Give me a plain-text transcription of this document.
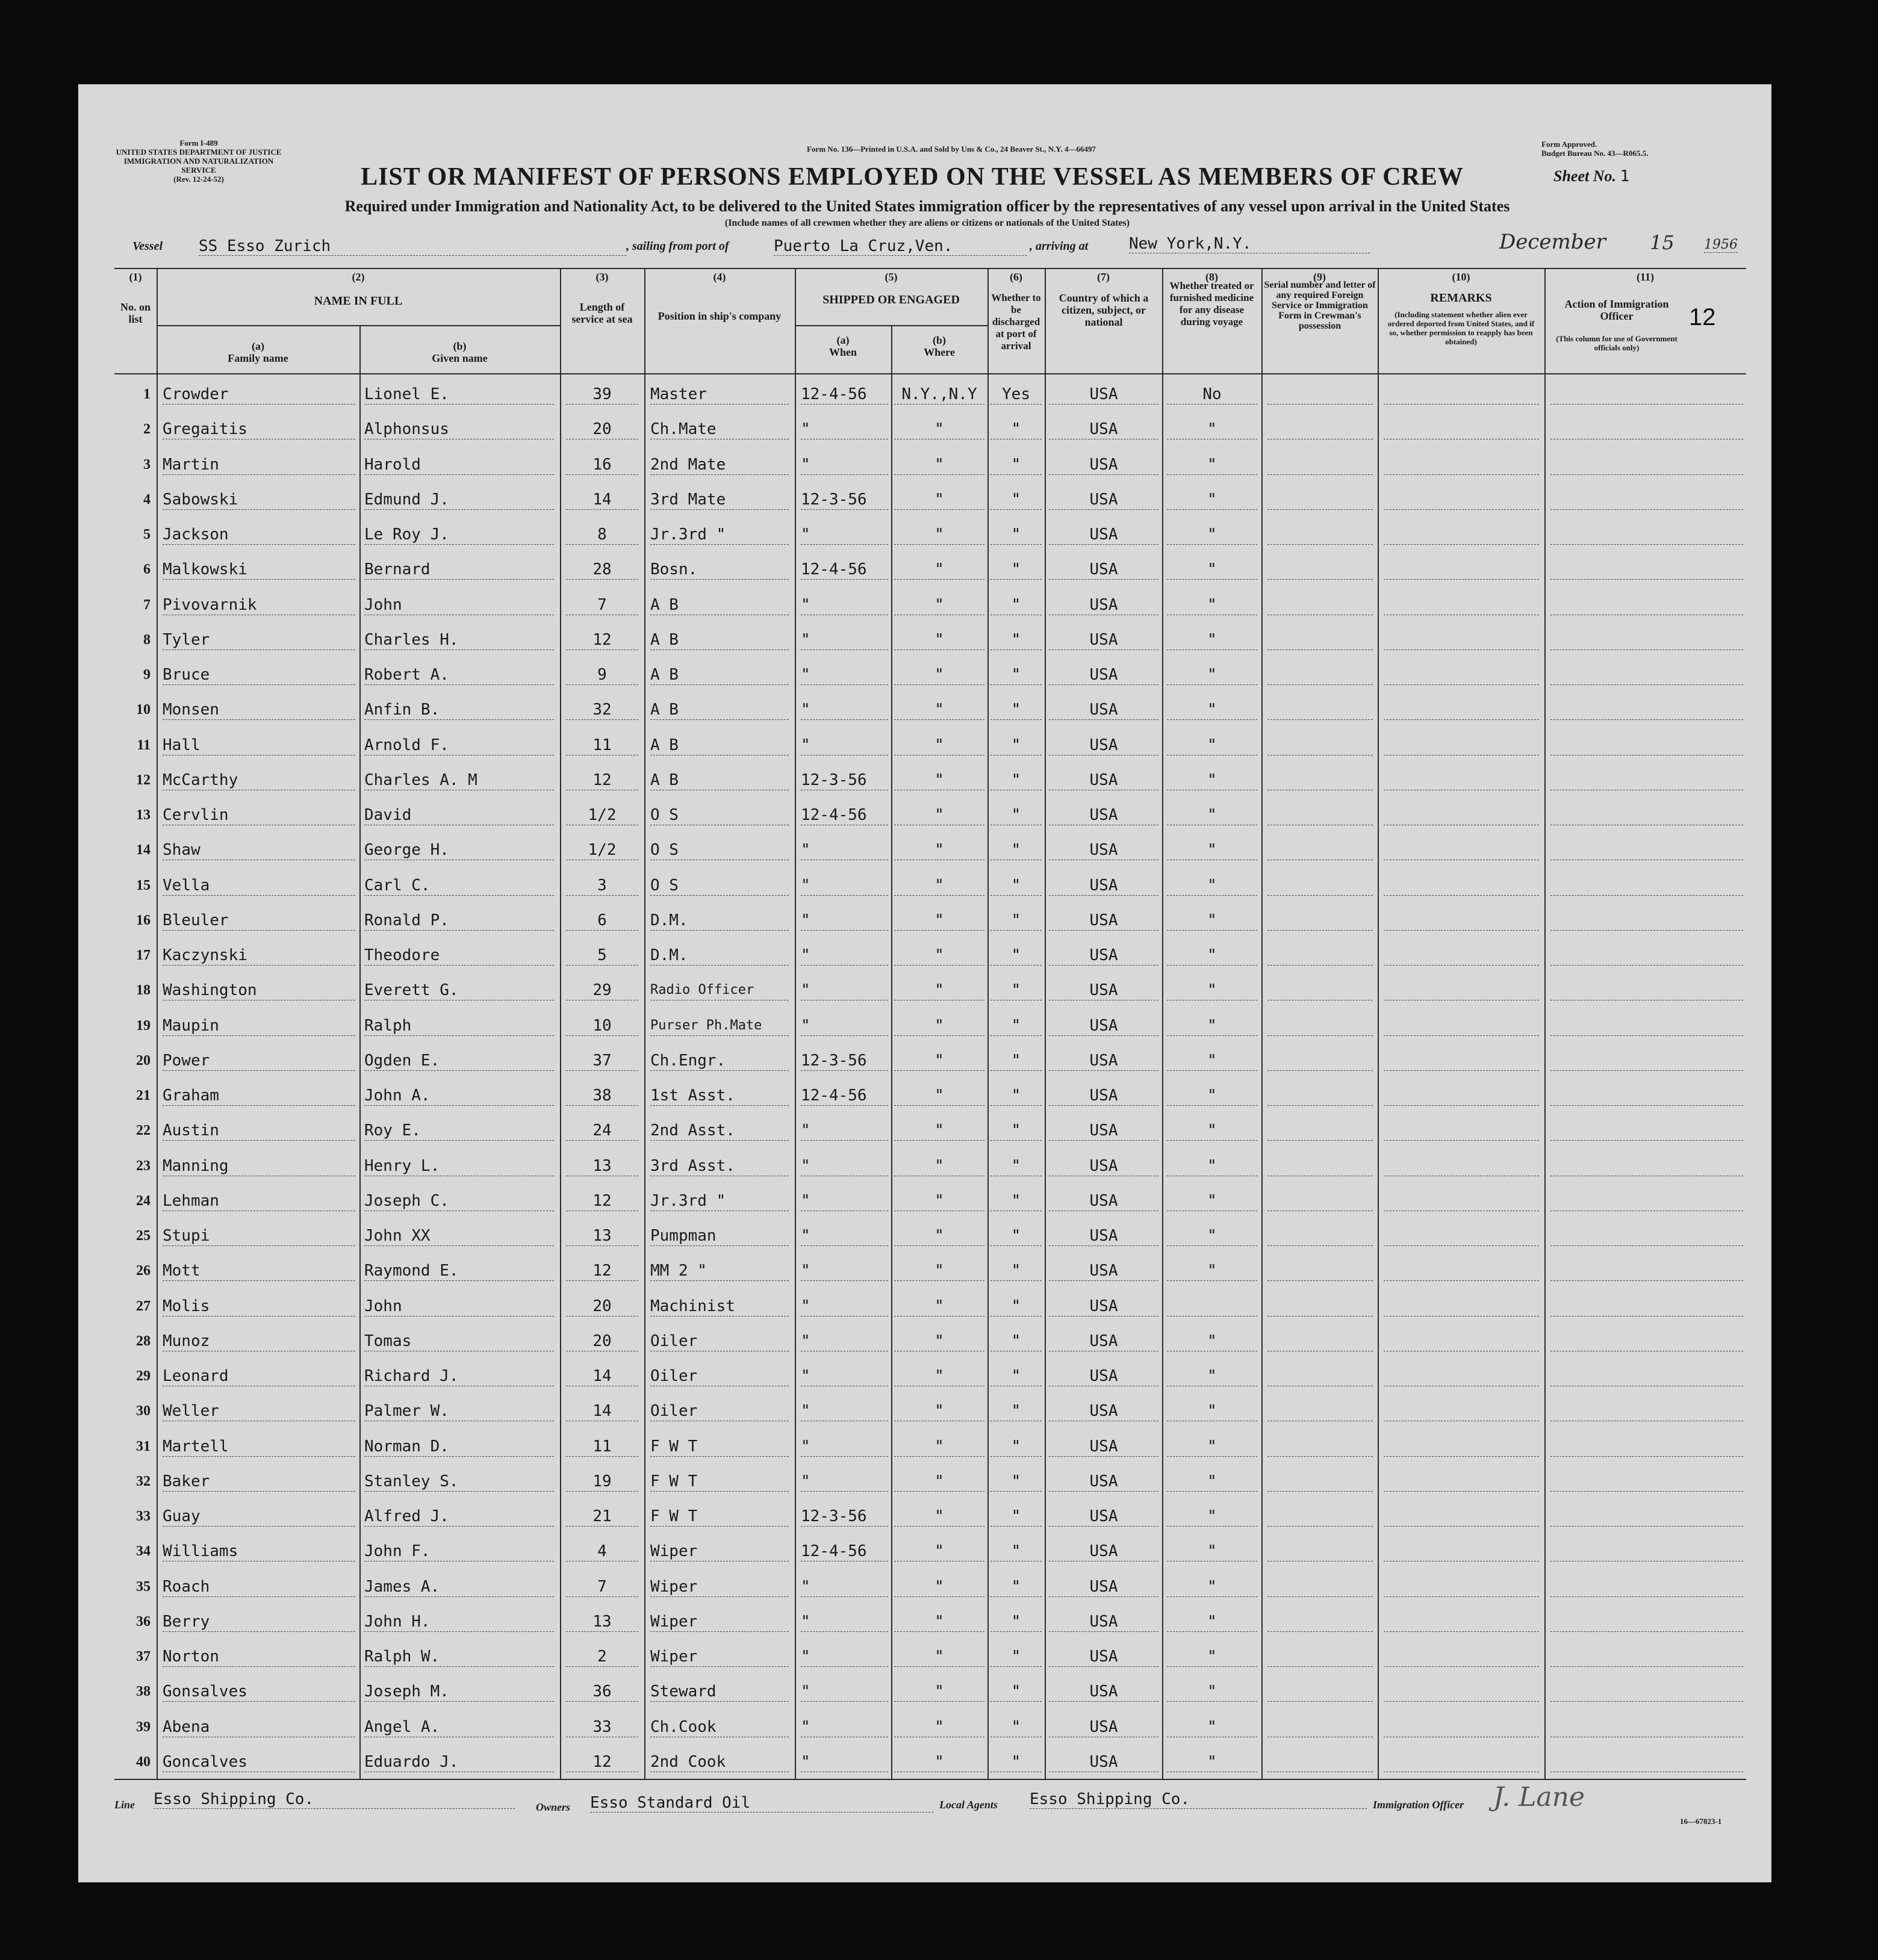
Form I-489
UNITED STATES DEPARTMENT OF JUSTICE
IMMIGRATION AND NATURALIZATION SERVICE
(Rev. 12-24-52)
Form No. 136—Printed in U.S.A. and Sold by Uns & Co., 24 Beaver St., N.Y. 4—66497
Form Approved.
Budget Bureau No. 43—R065.5.
LIST OR MANIFEST OF PERSONS EMPLOYED ON THE VESSEL AS MEMBERS OF CREW	Sheet No. 1
Required under Immigration and Nationality Act, to be delivered to the United States immigration officer by the representatives of any vessel upon arrival in the United States
(Include names of all crewmen whether they are aliens or citizens or nationals of the United States)
Vessel SS Esso Zurich	, sailing from port of	Puerto La Cruz,Ven.	, arriving at	New York,N.Y.	December 15 1956
12
(1)	(2)	(3)	(4)	(5)	(6)	(7)	(8)	(9)	(10)	(11)
No. on list
NAME IN FULL
(a)
Family name
(b)
Given name
Length of service at sea	Position in ship's company
SHIPPED OR ENGAGED
(a)
When
(b)
Where
Whether to be discharged at port of arrival
Country of which a citizen, subject, or national
Whether treated or furnished medicine for any disease during voyage
Serial number and letter of any required Foreign Service or Immigration Form in Crewman's possession
REMARKS
(Including statement whether alien ever ordered deported from United States, and if so, whether permission to reapply has been obtained)
Action of Immigration Officer
(This column for use of Government officials only)
1 Crowder	Lionel E.	39	Master	12-4-56	N.Y.,N.Y	Yes	USA	No
2 Gregaitis	Alphonsus	20	Ch.Mate	"	"	"	USA	"
3 Martin	Harold	16	2nd Mate	"	"	"	USA	"
4 Sabowski	Edmund J.	14	3rd Mate	12-3-56	"	"	USA	"
5 Jackson	Le Roy J.	8	Jr.3rd "	"	"	"	USA	"
6 Malkowski	Bernard	28	Bosn.	12-4-56	"	"	USA	"
7 Pivovarnik	John	7	A B	"	"	"	USA	"
8 Tyler	Charles H.	12	A B	"	"	"	USA	"
9 Bruce	Robert A.	9	A B	"	"	"	USA	"
10 Monsen	Anfin B.	32	A B	"	"	"	USA	"
11 Hall	Arnold F.	11	A B	"	"	"	USA	"
12 McCarthy	Charles A. M	12	A B	12-3-56	"	"	USA	"
13 Cervlin	David	1/2	O S	12-4-56	"	"	USA	"
14 Shaw	George H.	1/2	O S	"	"	"	USA	"
15 Vella	Carl C.	3	O S	"	"	"	USA	"
16 Bleuler	Ronald P.	6	D.M.	"	"	"	USA	"
17 Kaczynski	Theodore	5	D.M.	"	"	"	USA	"
18 Washington	Everett G.	29	Radio Officer	"	"	"	USA	"
19 Maupin	Ralph	10	Purser Ph.Mate	"	"	"	USA	"
20 Power	Ogden E.	37	Ch.Engr.	12-3-56	"	"	USA	"
21 Graham	John A.	38	1st Asst.	12-4-56	"	"	USA	"
22 Austin	Roy E.	24	2nd Asst.	"	"	"	USA	"
23 Manning	Henry L.	13	3rd Asst.	"	"	"	USA	"
24 Lehman	Joseph C.	12	Jr.3rd "	"	"	"	USA	"
25 Stupi	John XX	13	Pumpman	"	"	"	USA	"
26 Mott	Raymond E.	12	MM 2 "	"	"	"	USA	"
27 Molis	John	20	Machinist	"	"	"	USA
28 Munoz	Tomas	20	Oiler	"	"	"	USA	"
29 Leonard	Richard J.	14	Oiler	"	"	"	USA	"
30 Weller	Palmer W.	14	Oiler	"	"	"	USA	"
31 Martell	Norman D.	11	F W T	"	"	"	USA	"
32 Baker	Stanley S.	19	F W T	"	"	"	USA	"
33 Guay	Alfred J.	21	F W T	12-3-56	"	"	USA	"
34 Williams	John F.	4	Wiper	12-4-56	"	"	USA	"
35 Roach	James A.	7	Wiper	"	"	"	USA	"
36 Berry	John H.	13	Wiper	"	"	"	USA	"
37 Norton	Ralph W.	2	Wiper	"	"	"	USA	"
38 Gonsalves	Joseph M.	36	Steward	"	"	"	USA	"
39 Abena	Angel A.	33	Ch.Cook	"	"	"	USA	"
40 Goncalves	Eduardo J.	12	2nd Cook	"	"	"	USA	"
Line Esso Shipping Co.	Owners Esso Standard Oil	Local Agents Esso Shipping Co.	Immigration Officer J. Lane
16—67823-1
